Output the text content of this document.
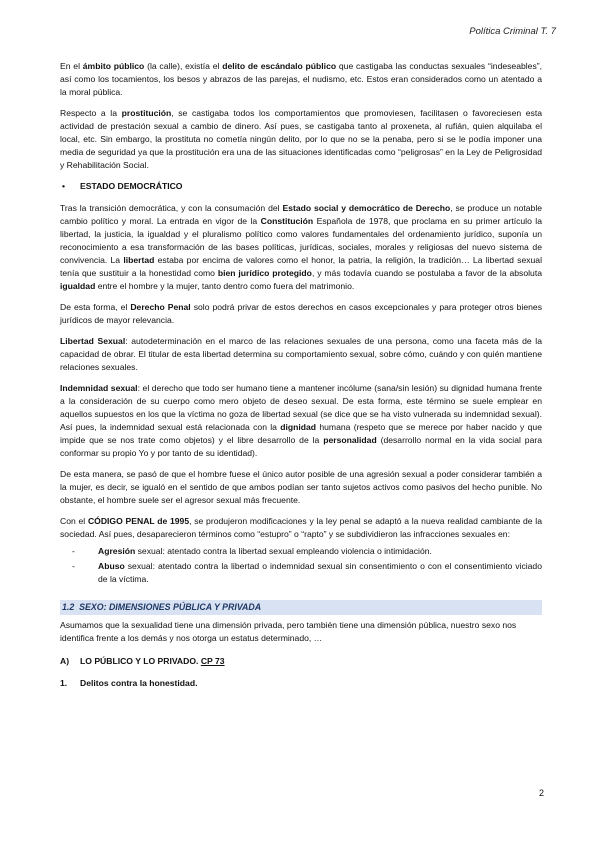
Política Criminal T. 7

En el ámbito público (la calle), existía el delito de escándalo público que castigaba las conductas sexuales “indeseables”, así como los tocamientos, los besos y abrazos de las parejas, el nudismo, etc. Estos eran considerados como un atentado a la moral pública.

Respecto a la prostitución, se castigaba todos los comportamientos que promoviesen, facilitasen o favoreciesen esta actividad de prestación sexual a cambio de dinero. Así pues, se castigaba tanto al proxeneta, al rufián, quien alquilaba el local, etc. Sin embargo, la prostituta no cometía ningún delito, por lo que no se la penaba, pero si se le podía imponer una media de seguridad ya que la prostitución era una de las situaciones identificadas como “peligrosas” en la Ley de Peligrosidad y Rehabilitación Social.

• ESTADO DEMOCRÁTICO

Tras la transición democrática, y con la consumación del Estado social y democrático de Derecho, se produce un notable cambio político y moral. La entrada en vigor de la Constitución Española de 1978, que proclama en su primer artículo la libertad, la justicia, la igualdad y el pluralismo político como valores fundamentales del ordenamiento jurídico, suponía un reconocimiento a esa transformación de las bases políticas, jurídicas, sociales, morales y religiosas del nuevo sistema de convivencia. La libertad estaba por encima de valores como el honor, la patria, la religión, la tradición… La libertad sexual tenía que sustituir a la honestidad como bien jurídico protegido, y más todavía cuando se postulaba a favor de la absoluta igualdad entre el hombre y la mujer, tanto dentro como fuera del matrimonio.

De esta forma, el Derecho Penal solo podrá privar de estos derechos en casos excepcionales y para proteger otros bienes jurídicos de mayor relevancia.

Libertad Sexual: autodeterminación en el marco de las relaciones sexuales de una persona, como una faceta más de la capacidad de obrar. El titular de esta libertad determina su comportamiento sexual, sobre cómo, cuándo y con quién mantiene relaciones sexuales.

Indemnidad sexual: el derecho que todo ser humano tiene a mantener incólume (sana/sin lesión) su dignidad humana frente a la consideración de su cuerpo como mero objeto de deseo sexual. De esta forma, este término se suele emplear en aquellos supuestos en los que la víctima no goza de libertad sexual (se dice que se ha visto vulnerada su indemnidad sexual). Así pues, la indemnidad sexual está relacionada con la dignidad humana (respeto que se merece por haber nacido y que impide que se nos trate como objetos) y el libre desarrollo de la personalidad (desarrollo normal en la vida social para conformar su propio Yo y por tanto de su identidad).

De esta manera, se pasó de que el hombre fuese el único autor posible de una agresión sexual a poder considerar también a la mujer, es decir, se igualó en el sentido de que ambos podían ser tanto sujetos activos como pasivos del hecho punible. No obstante, el hombre suele ser el agresor sexual más frecuente.

Con el CÓDIGO PENAL de 1995, se produjeron modificaciones y la ley penal se adaptó a la nueva realidad cambiante de la sociedad. Así pues, desaparecieron términos como “estupro” o “rapto” y se subdividieron las infracciones sexuales en:

-	Agresión sexual: atentado contra la libertad sexual empleando violencia o intimidación.
-	Abuso sexual: atentado contra la libertad o indemnidad sexual sin consentimiento o con el consentimiento viciado de la víctima.
1.2 SEXO: DIMENSIONES PÚBLICA Y PRIVADA

Asumamos que la sexualidad tiene una dimensión privada, pero también tiene una dimensión pública, nuestro sexo nos identifica frente a los demás y nos otorga un estatus determinado, …

A) LO PÚBLICO Y LO PRIVADO. CP 73
1. Delitos contra la honestidad.
2
